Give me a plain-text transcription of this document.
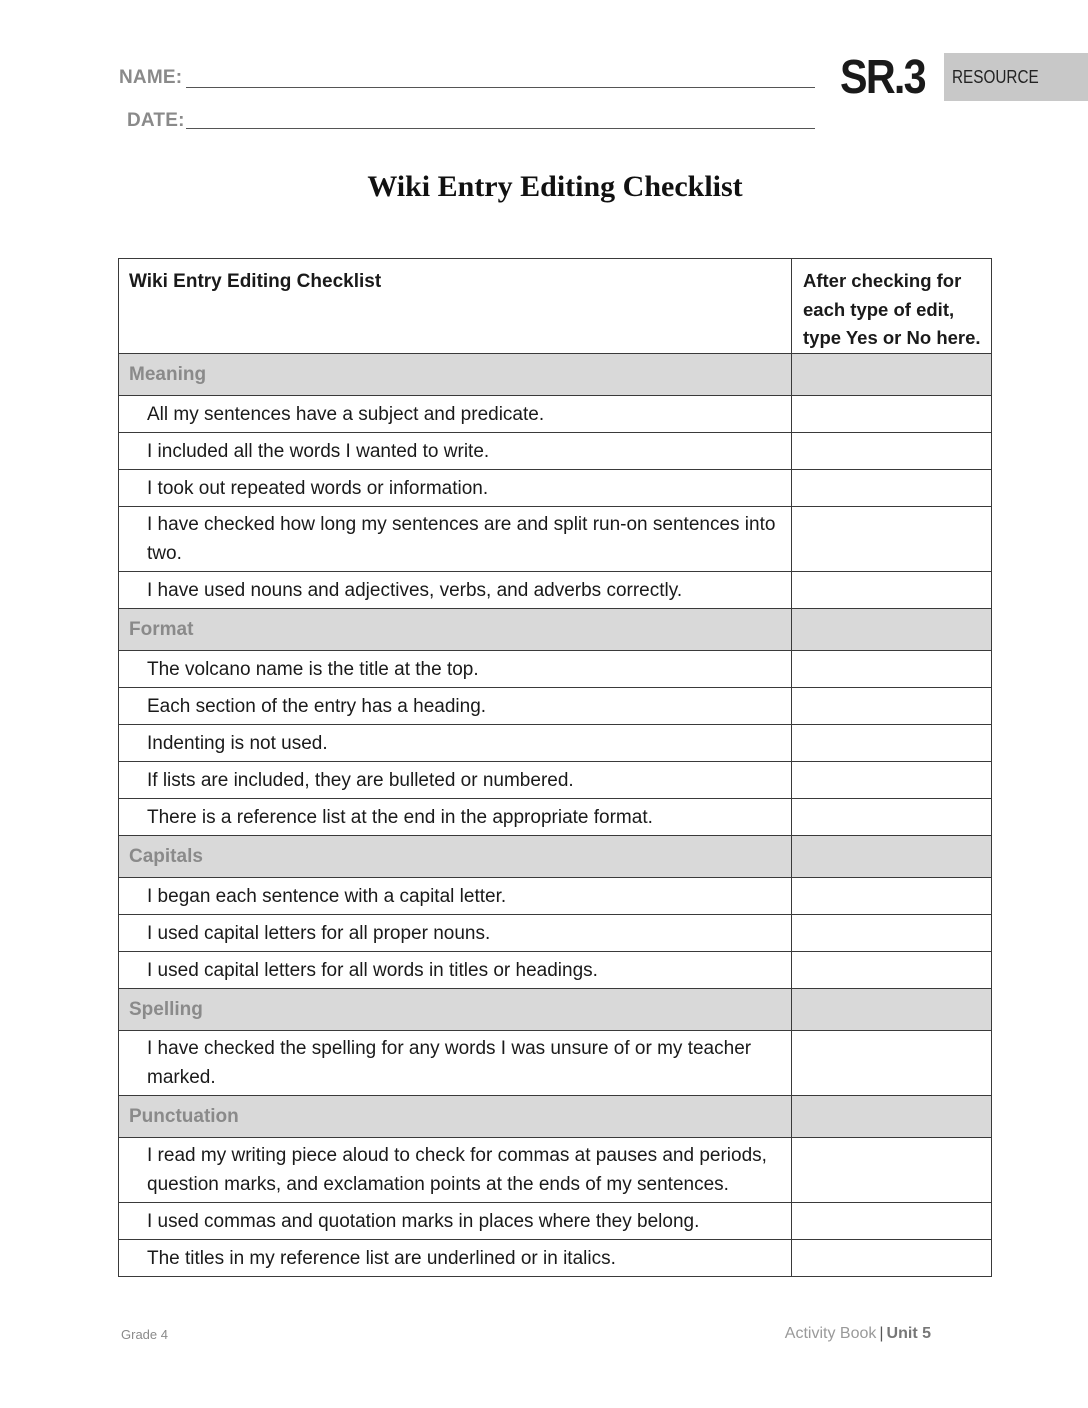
NAME:
DATE:
SR.3 RESOURCE
Wiki Entry Editing Checklist
Wiki Entry Editing Checklist	After checking for each type of edit, type Yes or No here.
Meaning	
All my sentences have a subject and predicate.	
I included all the words I wanted to write.	
I took out repeated words or information.	
I have checked how long my sentences are and split run-on sentences into two.	
I have used nouns and adjectives, verbs, and adverbs correctly.	
Format	
The volcano name is the title at the top.	
Each section of the entry has a heading.	
Indenting is not used.	
If lists are included, they are bulleted or numbered.	
There is a reference list at the end in the appropriate format.	
Capitals	
I began each sentence with a capital letter.	
I used capital letters for all proper nouns.	
I used capital letters for all words in titles or headings.	
Spelling	
I have checked the spelling for any words I was unsure of or my teacher marked.	
Punctuation	
I read my writing piece aloud to check for commas at pauses and periods, question marks, and exclamation points at the ends of my sentences.	
I used commas and quotation marks in places where they belong.	
The titles in my reference list are underlined or in italics.	
Grade 4	Activity Book | Unit 5
